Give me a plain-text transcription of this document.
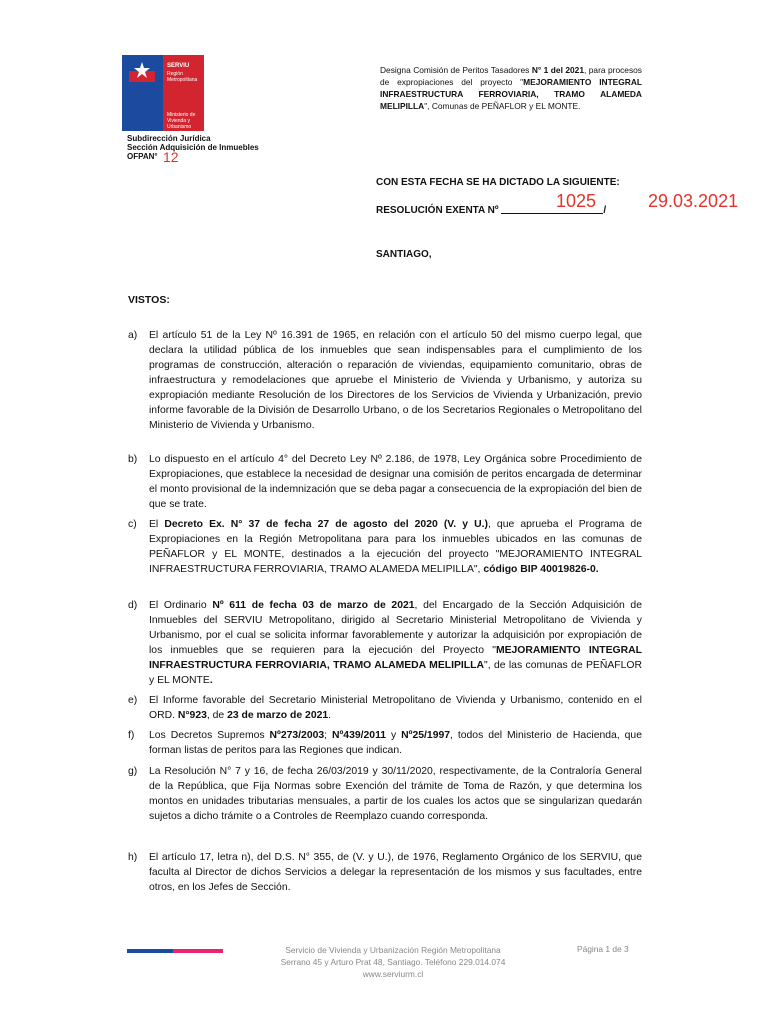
SERVIU
Región Metropolitana
Ministerio de Vivienda y Urbanismo
Subdirección Jurídica
Sección Adquisición de Inmuebles
OFPAN° 12
Designa Comisión de Peritos Tasadores N° 1 del 2021, para procesos de expropiaciones del proyecto "MEJORAMIENTO INTEGRAL INFRAESTRUCTURA FERROVIARIA, TRAMO ALAMEDA MELIPILLA", Comunas de PEÑAFLOR y EL MONTE.
CON ESTA FECHA SE HA DICTADO LA SIGUIENTE:
RESOLUCIÓN EXENTA Nº	/
1025	29.03.2021
SANTIAGO,
VISTOS:
a) El artículo 51 de la Ley Nº 16.391 de 1965, en relación con el artículo 50 del mismo cuerpo legal, que declara la utilidad pública de los inmuebles que sean indispensables para el cumplimiento de los programas de construcción, alteración o reparación de viviendas, equipamiento comunitario, obras de infraestructura y remodelaciones que apruebe el Ministerio de Vivienda y Urbanismo, y autoriza su expropiación mediante Resolución de los Directores de los Servicios de Vivienda y Urbanización, previo informe favorable de la División de Desarrollo Urbano, o de los Secretarios Regionales o Metropolitano del Ministerio de Vivienda y Urbanismo.
b) Lo dispuesto en el artículo 4° del Decreto Ley Nº 2.186, de 1978, Ley Orgánica sobre Procedimiento de Expropiaciones, que establece la necesidad de designar una comisión de peritos encargada de determinar el monto provisional de la indemnización que se deba pagar a consecuencia de la expropiación del bien de que se trate.
c) El Decreto Ex. N° 37 de fecha 27 de agosto del 2020 (V. y U.), que aprueba el Programa de Expropiaciones en la Región Metropolitana para para los inmuebles ubicados en las comunas de PEÑAFLOR y EL MONTE, destinados a la ejecución del proyecto "MEJORAMIENTO INTEGRAL INFRAESTRUCTURA FERROVIARIA, TRAMO ALAMEDA MELIPILLA", código BIP 40019826-0.
d) El Ordinario Nº 611 de fecha 03 de marzo de 2021, del Encargado de la Sección Adquisición de Inmuebles del SERVIU Metropolitano, dirigido al Secretario Ministerial Metropolitano de Vivienda y Urbanismo, por el cual se solicita informar favorablemente y autorizar la adquisición por expropiación de los inmuebles que se requieren para la ejecución del Proyecto "MEJORAMIENTO INTEGRAL INFRAESTRUCTURA FERROVIARIA, TRAMO ALAMEDA MELIPILLA", de las comunas de PEÑAFLOR y EL MONTE.
e) El Informe favorable del Secretario Ministerial Metropolitano de Vivienda y Urbanismo, contenido en el ORD. N°923, de 23 de marzo de 2021.
f) Los Decretos Supremos Nº273/2003; Nº439/2011 y Nº25/1997, todos del Ministerio de Hacienda, que forman listas de peritos para las Regiones que indican.
g) La Resolución N° 7 y 16, de fecha 26/03/2019 y 30/11/2020, respectivamente, de la Contraloría General de la República, que Fija Normas sobre Exención del trámite de Toma de Razón, y que determina los montos en unidades tributarias mensuales, a partir de los cuales los actos que se singularizan quedarán sujetos a dicho trámite o a Controles de Reemplazo cuando corresponda.
h) El artículo 17, letra n), del D.S. N° 355, de (V. y U.), de 1976, Reglamento Orgánico de los SERVIU, que faculta al Director de dichos Servicios a delegar la representación de los mismos y sus facultades, entre otros, en los Jefes de Sección.
Servicio de Vivienda y Urbanización Región Metropolitana
Serrano 45 y Arturo Prat 48, Santiago. Teléfono 229.014.074
www.serviurm.cl
Página 1 de 3
